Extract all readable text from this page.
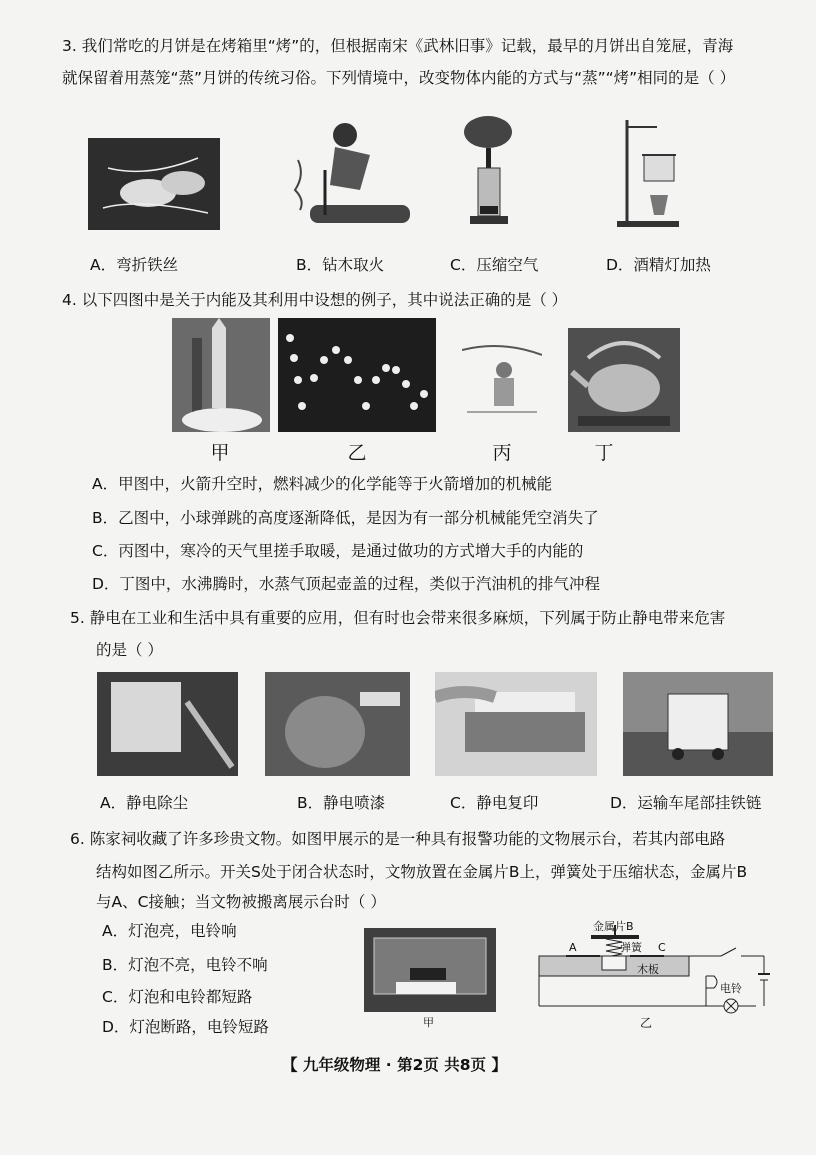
3. 我们常吃的月饼是在烤箱里“烤”的，但根据南宋《武林旧事》记载，最早的月饼出自笼屉，青海
就保留着用蒸笼“蒸”月饼的传统习俗。下列情境中，改变物体内能的方式与“蒸”“烤”相同的是（ ）
A．弯折铁丝	B．钻木取火	C．压缩空气	D．酒精灯加热
4. 以下四图中是关于内能及其利用中设想的例子，其中说法正确的是（ ）
甲	乙	丙	丁
A．甲图中，火箭升空时，燃料减少的化学能等于火箭增加的机械能
B．乙图中，小球弹跳的高度逐渐降低，是因为有一部分机械能凭空消失了
C．丙图中，寒冷的天气里搓手取暖，是通过做功的方式增大手的内能的
D．丁图中，水沸腾时，水蒸气顶起壶盖的过程，类似于汽油机的排气冲程
5. 静电在工业和生活中具有重要的应用，但有时也会带来很多麻烦，下列属于防止静电带来危害
的是（ ）
A．静电除尘	B．静电喷漆	C．静电复印	D．运输车尾部挂铁链
6. 陈家祠收藏了许多珍贵文物。如图甲展示的是一种具有报警功能的文物展示台，若其内部电路
结构如图乙所示。开关S处于闭合状态时，文物放置在金属片B上，弹簧处于压缩状态，金属片B
与A、C接触；当文物被搬离展示台时（ ）
A．灯泡亮，电铃响
B．灯泡不亮，电铃不响
C．灯泡和电铃都短路
D．灯泡断路，电铃短路	甲
金属片B
弹簧
A	C
木板
电铃
乙
【 九年级物理 · 第2页 共8页 】
